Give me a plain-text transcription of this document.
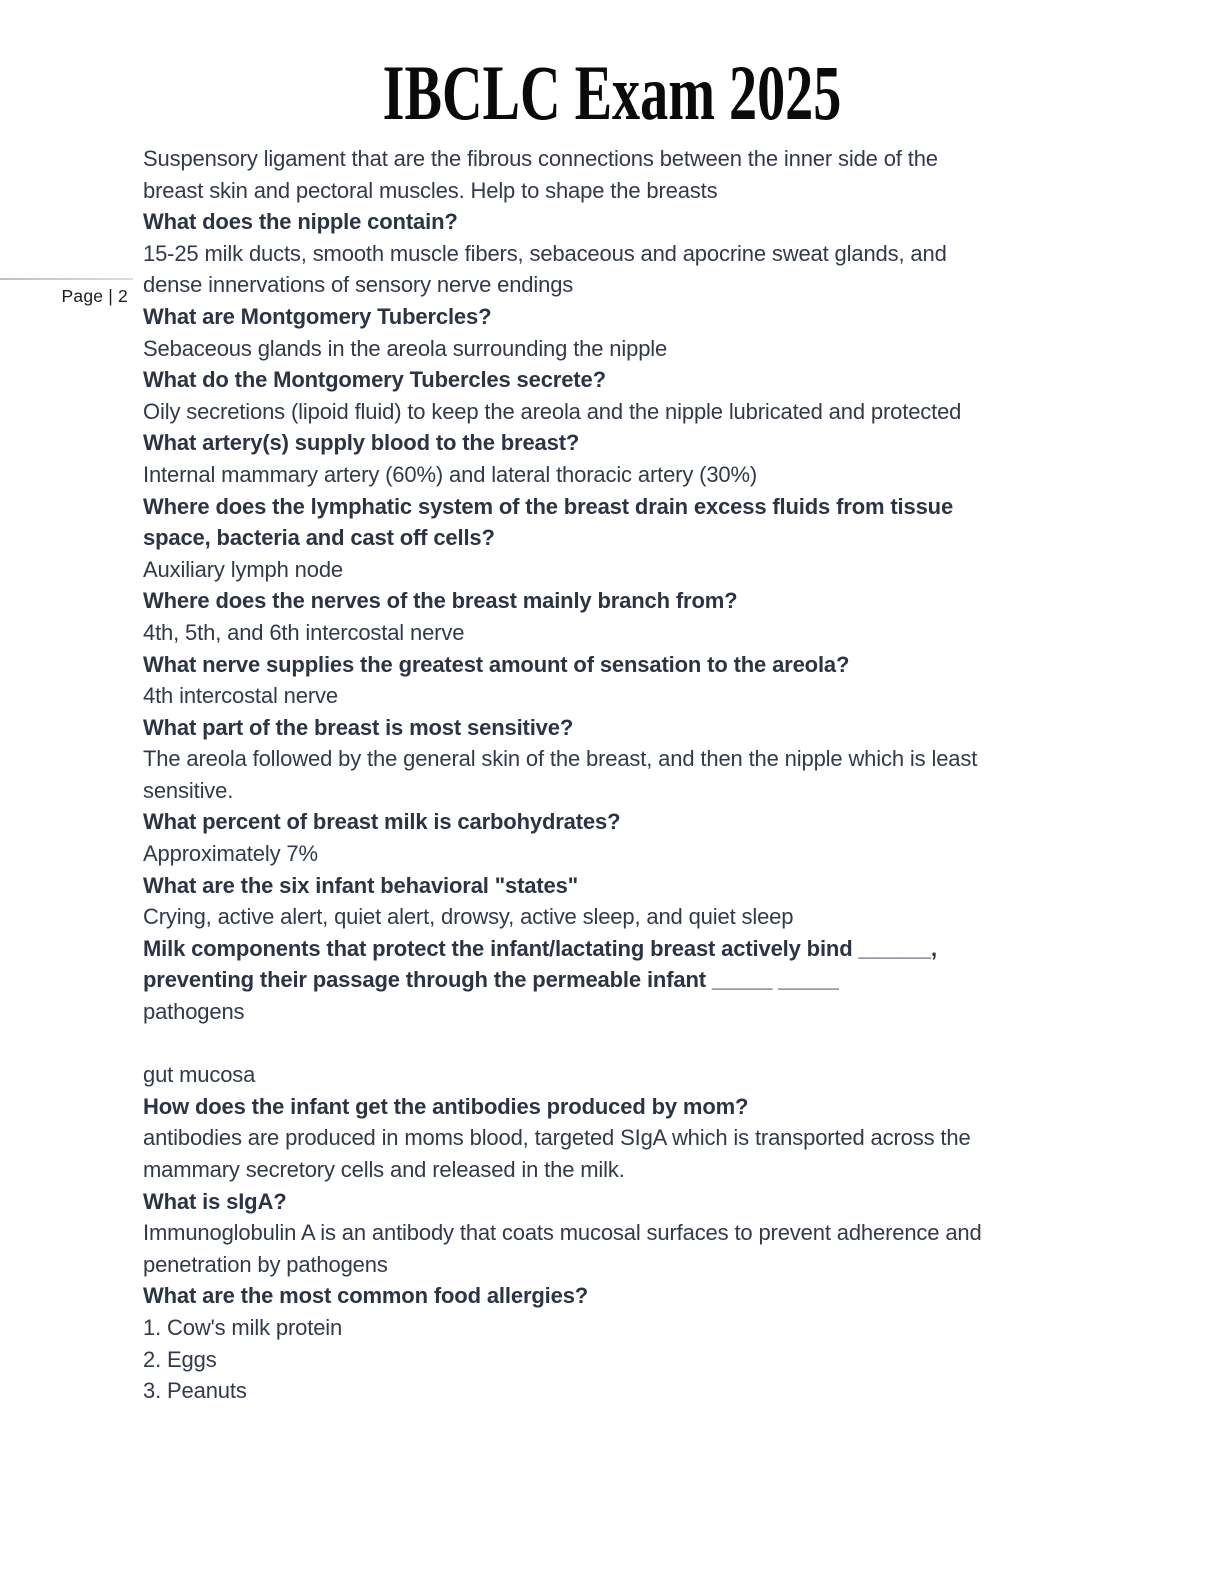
IBCLC Exam 2025
Page | 2
Suspensory ligament that are the fibrous connections between the inner side of the
breast skin and pectoral muscles. Help to shape the breasts
What does the nipple contain?
15-25 milk ducts, smooth muscle fibers, sebaceous and apocrine sweat glands, and
dense innervations of sensory nerve endings
What are Montgomery Tubercles?
Sebaceous glands in the areola surrounding the nipple
What do the Montgomery Tubercles secrete?
Oily secretions (lipoid fluid) to keep the areola and the nipple lubricated and protected
What artery(s) supply blood to the breast?
Internal mammary artery (60%) and lateral thoracic artery (30%)
Where does the lymphatic system of the breast drain excess fluids from tissue
space, bacteria and cast off cells?
Auxiliary lymph node
Where does the nerves of the breast mainly branch from?
4th, 5th, and 6th intercostal nerve
What nerve supplies the greatest amount of sensation to the areola?
4th intercostal nerve
What part of the breast is most sensitive?
The areola followed by the general skin of the breast, and then the nipple which is least
sensitive.
What percent of breast milk is carbohydrates?
Approximately 7%
What are the six infant behavioral "states"
Crying, active alert, quiet alert, drowsy, active sleep, and quiet sleep
Milk components that protect the infant/lactating breast actively bind ______,
preventing their passage through the permeable infant _____ _____
pathogens

gut mucosa
How does the infant get the antibodies produced by mom?
antibodies are produced in moms blood, targeted SIgA which is transported across the
mammary secretory cells and released in the milk.
What is sIgA?
Immunoglobulin A is an antibody that coats mucosal surfaces to prevent adherence and
penetration by pathogens
What are the most common food allergies?
1. Cow's milk protein
2. Eggs
3. Peanuts
